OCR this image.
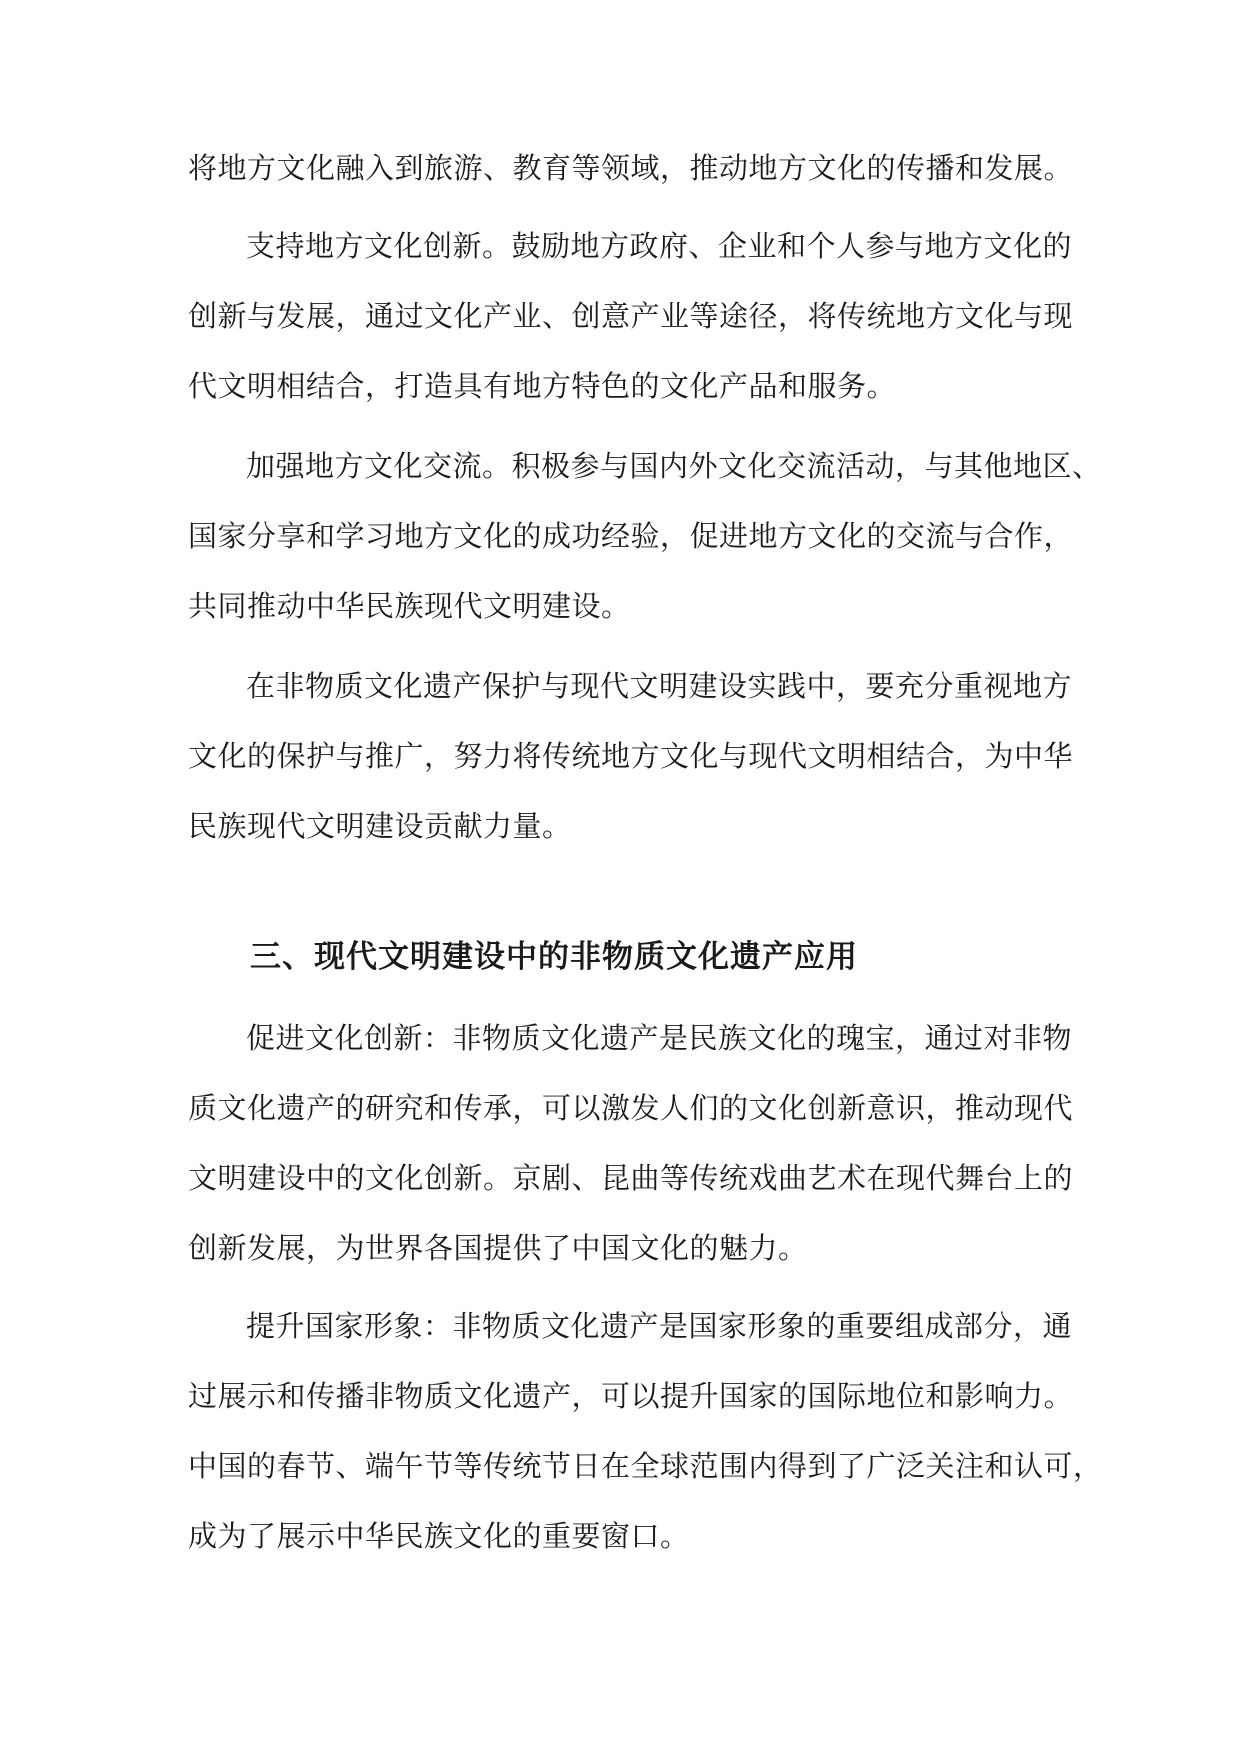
将地方文化融入到旅游、教育等领域，推动地方文化的传播和发展。
支持地方文化创新。鼓励地方政府、企业和个人参与地方文化的
创新与发展，通过文化产业、创意产业等途径，将传统地方文化与现
代文明相结合，打造具有地方特色的文化产品和服务。
加强地方文化交流。积极参与国内外文化交流活动，与其他地区、
国家分享和学习地方文化的成功经验，促进地方文化的交流与合作，
共同推动中华民族现代文明建设。
在非物质文化遗产保护与现代文明建设实践中，要充分重视地方
文化的保护与推广，努力将传统地方文化与现代文明相结合，为中华
民族现代文明建设贡献力量。
三、现代文明建设中的非物质文化遗产应用
促进文化创新：非物质文化遗产是民族文化的瑰宝，通过对非物
质文化遗产的研究和传承，可以激发人们的文化创新意识，推动现代
文明建设中的文化创新。京剧、昆曲等传统戏曲艺术在现代舞台上的
创新发展，为世界各国提供了中国文化的魅力。
提升国家形象：非物质文化遗产是国家形象的重要组成部分，通
过展示和传播非物质文化遗产，可以提升国家的国际地位和影响力。
中国的春节、端午节等传统节日在全球范围内得到了广泛关注和认可，
成为了展示中华民族文化的重要窗口。
